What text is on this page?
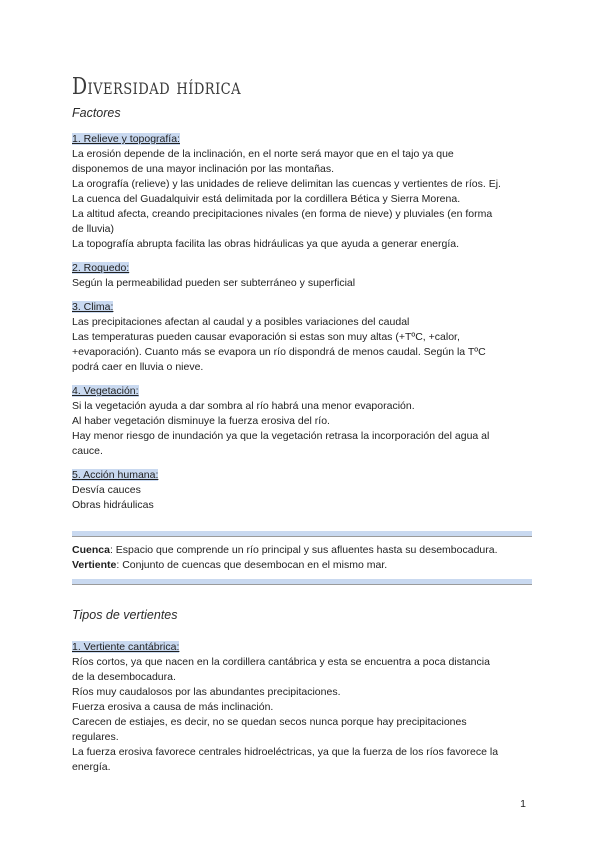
Diversidad hídrica
Factores
1. Relieve y topografía:

La erosión depende de la inclinación, en el norte será mayor que en el tajo ya que

disponemos de una mayor inclinación por las montañas.

La orografía (relieve) y las unidades de relieve delimitan las cuencas y vertientes de ríos. Ej.

La cuenca del Guadalquivir está delimitada por la cordillera Bética y Sierra Morena.

La altitud afecta, creando precipitaciones nivales (en forma de nieve) y pluviales (en forma

de lluvia)

La topografía abrupta facilita las obras hidráulicas ya que ayuda a generar energía.

2. Roquedo:

Según la permeabilidad pueden ser subterráneo y superficial

3. Clima:

Las precipitaciones afectan al caudal y a posibles variaciones del caudal

Las temperaturas pueden causar evaporación si estas son muy altas (+TºC, +calor,

+evaporación). Cuanto más se evapora un río dispondrá de menos caudal. Según la TºC

podrá caer en lluvia o nieve.

4. Vegetación:

Si la vegetación ayuda a dar sombra al río habrá una menor evaporación.

Al haber vegetación disminuye la fuerza erosiva del río.

Hay menor riesgo de inundación ya que la vegetación retrasa la incorporación del agua al

cauce.

5. Acción humana:

Desvía cauces

Obras hidráulicas

Cuenca: Espacio que comprende un río principal y sus afluentes hasta su desembocadura.

Vertiente: Conjunto de cuencas que desembocan en el mismo mar.

Tipos de vertientes
1. Vertiente cantábrica:

Ríos cortos, ya que nacen en la cordillera cantábrica y esta se encuentra a poca distancia

de la desembocadura.

Ríos muy caudalosos por las abundantes precipitaciones.

Fuerza erosiva a causa de más inclinación.

Carecen de estiajes, es decir, no se quedan secos nunca porque hay precipitaciones

regulares.

La fuerza erosiva favorece centrales hidroeléctricas, ya que la fuerza de los ríos favorece la

energía.

1
